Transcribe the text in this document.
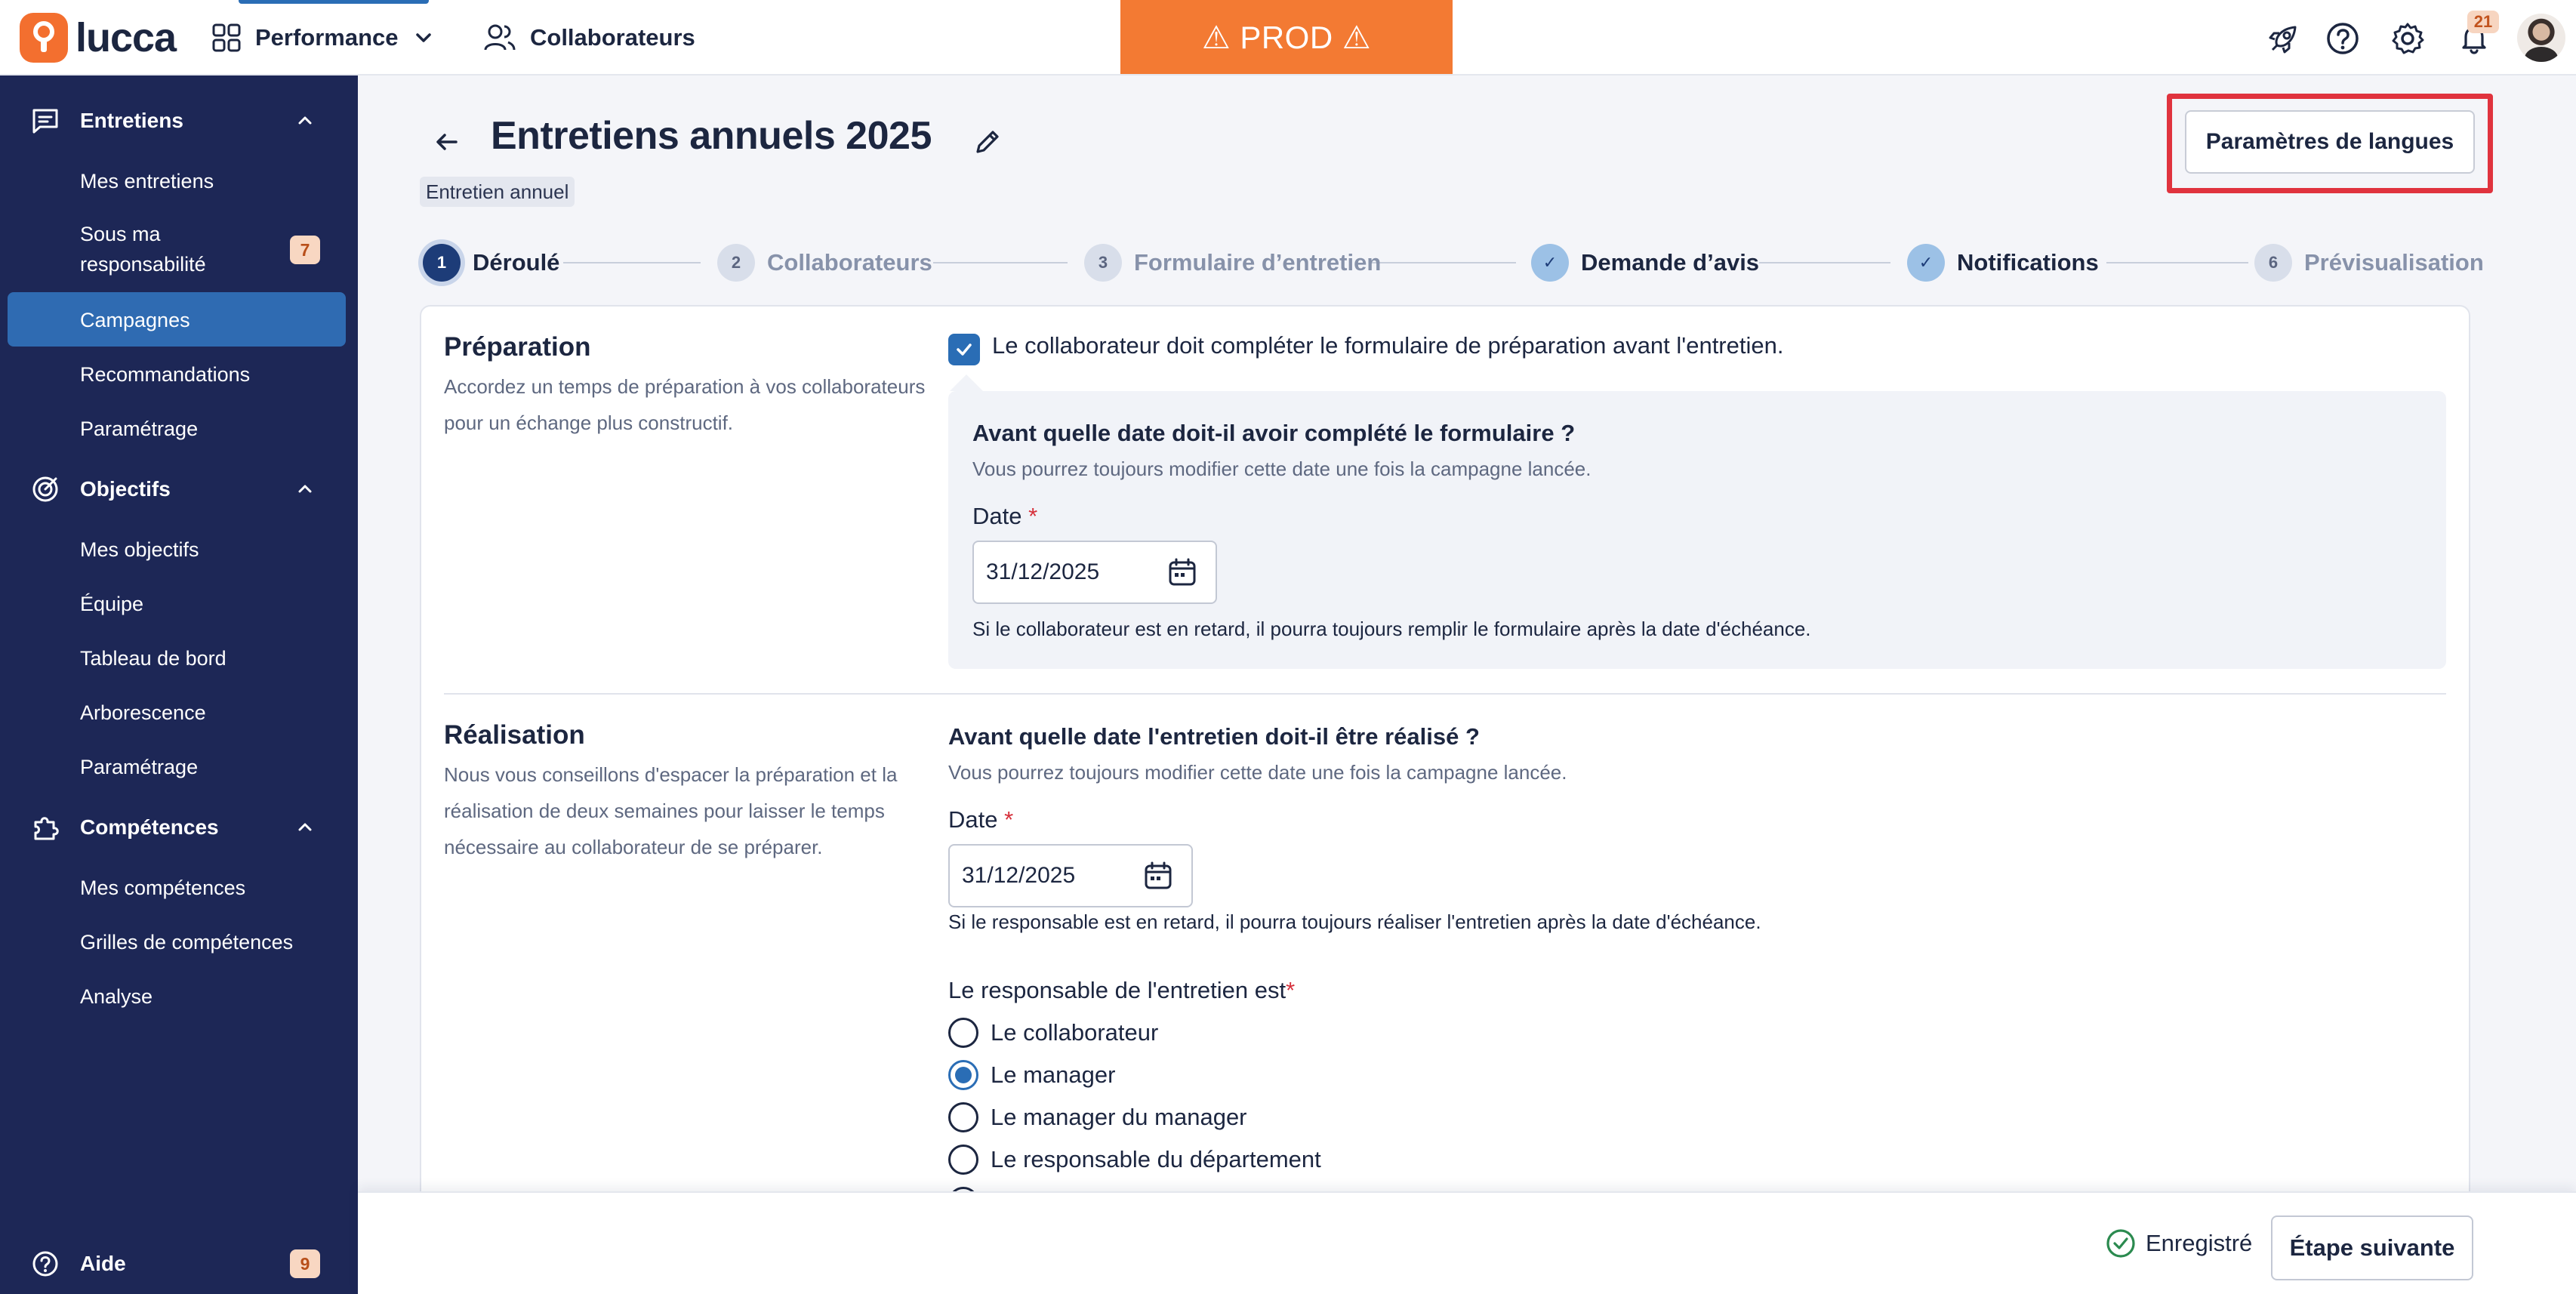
lucca	Performance	Collaborateurs	⚠ PROD ⚠	21
Entretiens
Mes entretiens
Sous ma responsabilité
7
Campagnes
Recommandations
Paramétrage
Objectifs
Mes objectifs
Équipe
Tableau de bord
Arborescence
Paramétrage
Compétences
Mes compétences
Grilles de compétences
Analyse
Aide	9
Entretiens annuels 2025
Entretien annuel
Paramètres de langues
1	Déroulé	2	Collaborateurs	3	Formulaire d’entretien	✓	Demande d’avis	✓	Notifications	6	Prévisualisation
Préparation
Accordez un temps de préparation à vos collaborateurs pour un échange plus constructif.
Le collaborateur doit compléter le formulaire de préparation avant l'entretien.
Avant quelle date doit-il avoir complété le formulaire ?
Vous pourrez toujours modifier cette date une fois la campagne lancée.
Date *
31/12/2025
Si le collaborateur est en retard, il pourra toujours remplir le formulaire après la date d'échéance.
Réalisation
Nous vous conseillons d'espacer la préparation et la réalisation de deux semaines pour laisser le temps nécessaire au collaborateur de se préparer.
Avant quelle date l'entretien doit-il être réalisé ?
Vous pourrez toujours modifier cette date une fois la campagne lancée.
Date *
31/12/2025
Si le responsable est en retard, il pourra toujours réaliser l'entretien après la date d'échéance.
Le responsable de l'entretien est*
Le collaborateur
Le manager
Le manager du manager
Le responsable du département
Enregistré	Étape suivante
